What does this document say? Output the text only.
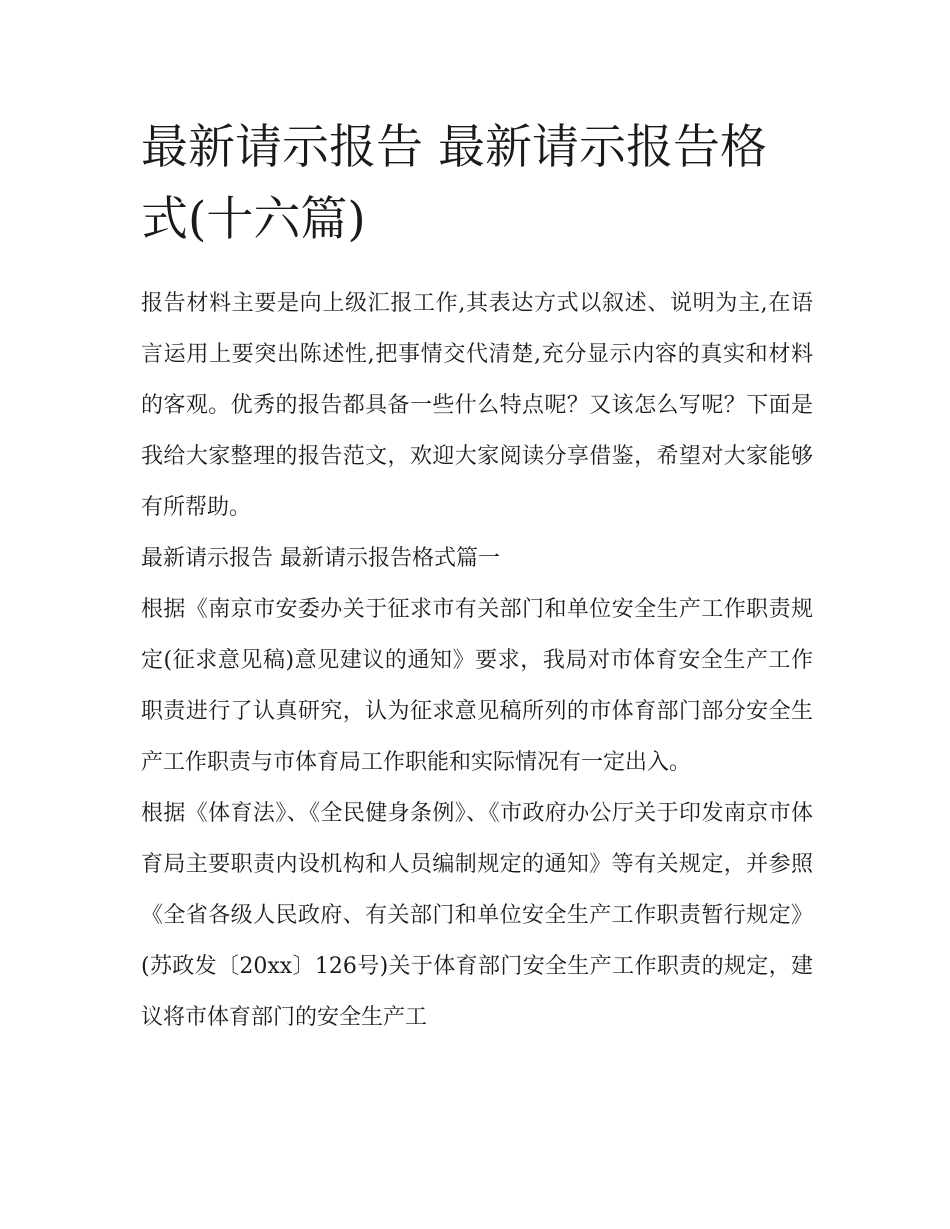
最新请示报告 最新请示报告格式(十六篇)

报告材料主要是向上级汇报工作,其表达方式以叙述、说明为主,在语言运用上要突出陈述性,把事情交代清楚,充分显示内容的真实和材料的客观。优秀的报告都具备一些什么特点呢？又该怎么写呢？下面是我给大家整理的报告范文，欢迎大家阅读分享借鉴，希望对大家能够有所帮助。

最新请示报告 最新请示报告格式篇一

根据《南京市安委办关于征求市有关部门和单位安全生产工作职责规定(征求意见稿)意见建议的通知》要求，我局对市体育安全生产工作职责进行了认真研究，认为征求意见稿所列的市体育部门部分安全生产工作职责与市体育局工作职能和实际情况有一定出入。

根据《体育法》、《全民健身条例》、《市政府办公厅关于印发南京市体育局主要职责内设机构和人员编制规定的通知》等有关规定，并参照《全省各级人民政府、有关部门和单位安全生产工作职责暂行规定》(苏政发〔20xx〕126号)关于体育部门安全生产工作职责的规定，建议将市体育部门的安全生产工
